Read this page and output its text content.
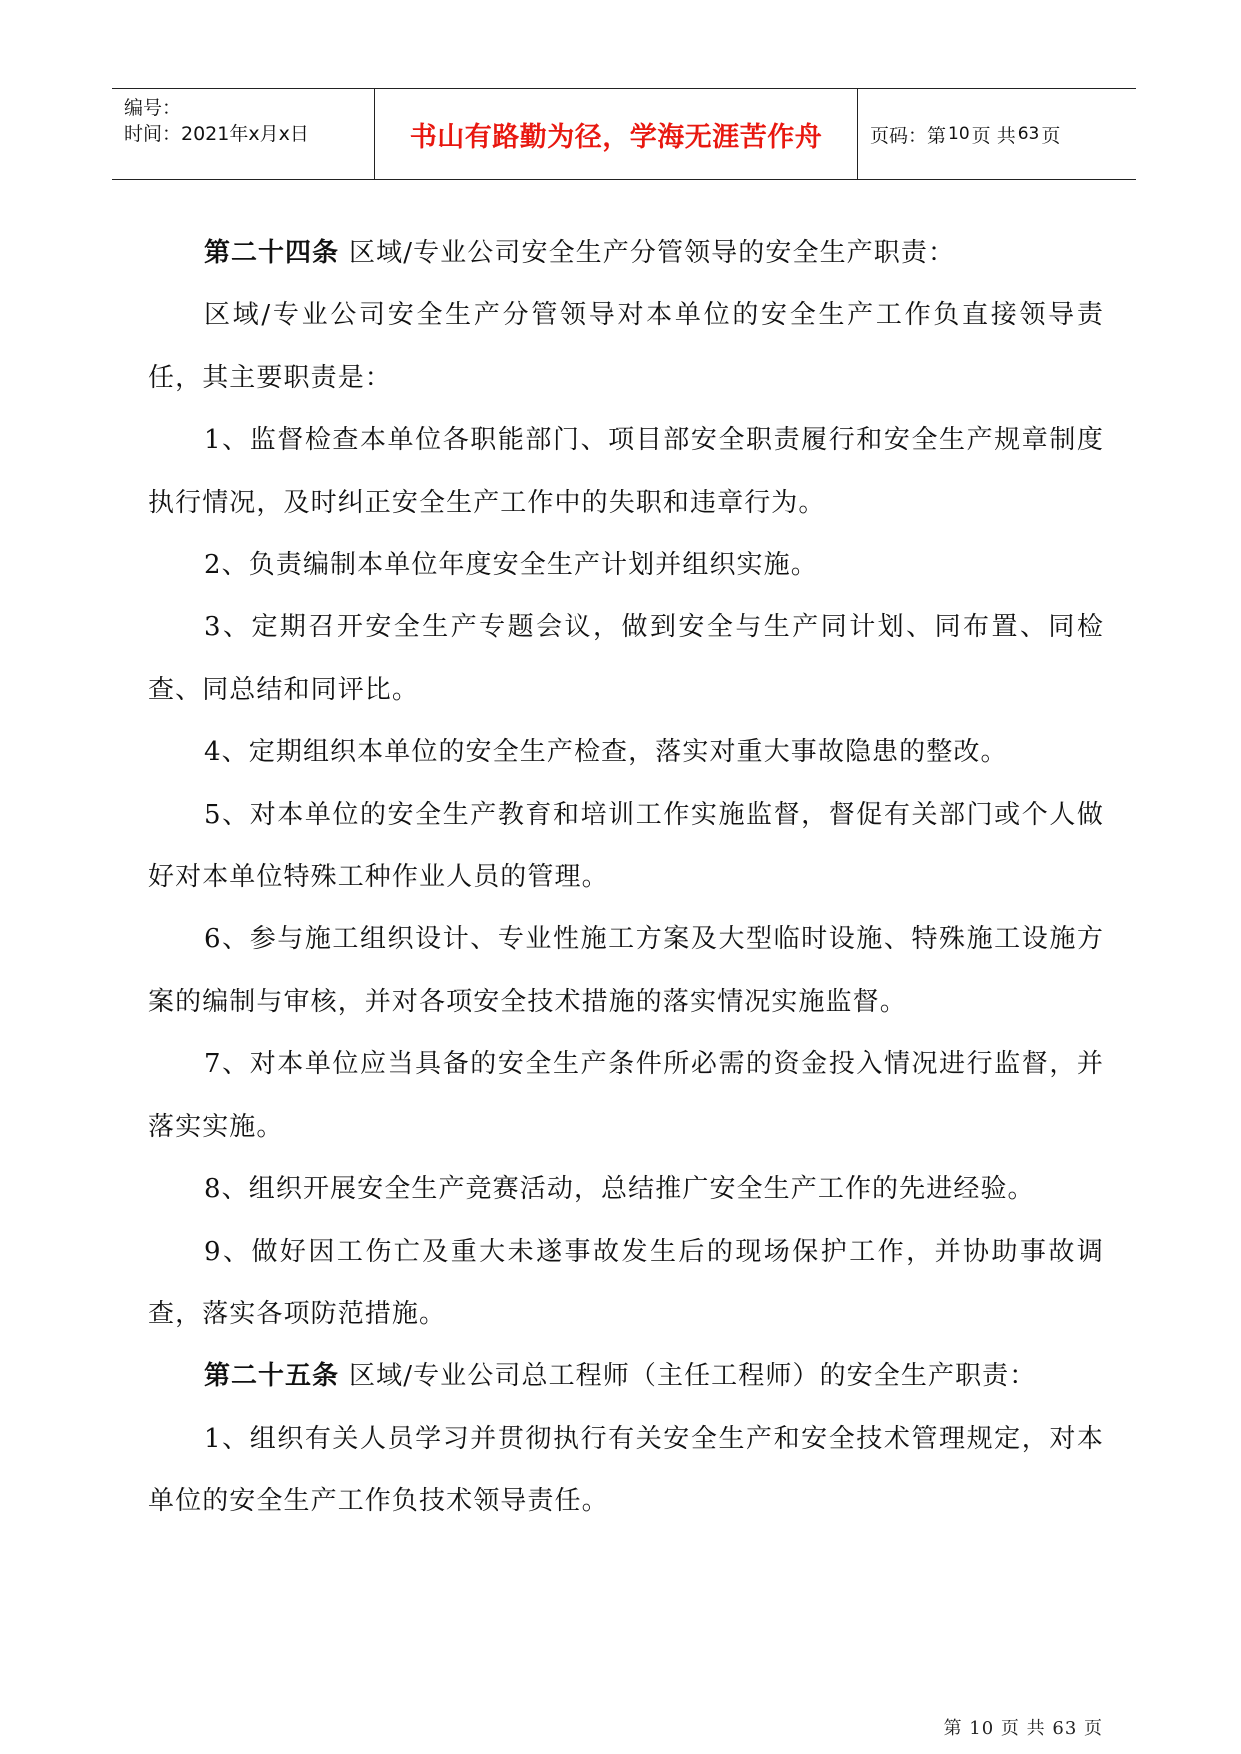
编号：
时间：2021年x月x日	书山有路勤为径，学海无涯苦作舟	页码：第 10 页 共 63 页

第二十四条 区域/专业公司安全生产分管领导的安全生产职责：

区域/专业公司安全生产分管领导对本单位的安全生产工作负直接领导责任，其主要职责是：

1、监督检查本单位各职能部门、项目部安全职责履行和安全生产规章制度执行情况，及时纠正安全生产工作中的失职和违章行为。

2、负责编制本单位年度安全生产计划并组织实施。

3、定期召开安全生产专题会议，做到安全与生产同计划、同布置、同检查、同总结和同评比。

4、定期组织本单位的安全生产检查，落实对重大事故隐患的整改。

5、对本单位的安全生产教育和培训工作实施监督，督促有关部门或个人做好对本单位特殊工种作业人员的管理。

6、参与施工组织设计、专业性施工方案及大型临时设施、特殊施工设施方案的编制与审核，并对各项安全技术措施的落实情况实施监督。

7、对本单位应当具备的安全生产条件所必需的资金投入情况进行监督，并落实实施。

8、组织开展安全生产竞赛活动，总结推广安全生产工作的先进经验。

9、做好因工伤亡及重大未遂事故发生后的现场保护工作，并协助事故调查，落实各项防范措施。

第二十五条 区域/专业公司总工程师（主任工程师）的安全生产职责：

1、组织有关人员学习并贯彻执行有关安全生产和安全技术管理规定，对本单位的安全生产工作负技术领导责任。

第 10 页 共 63 页
